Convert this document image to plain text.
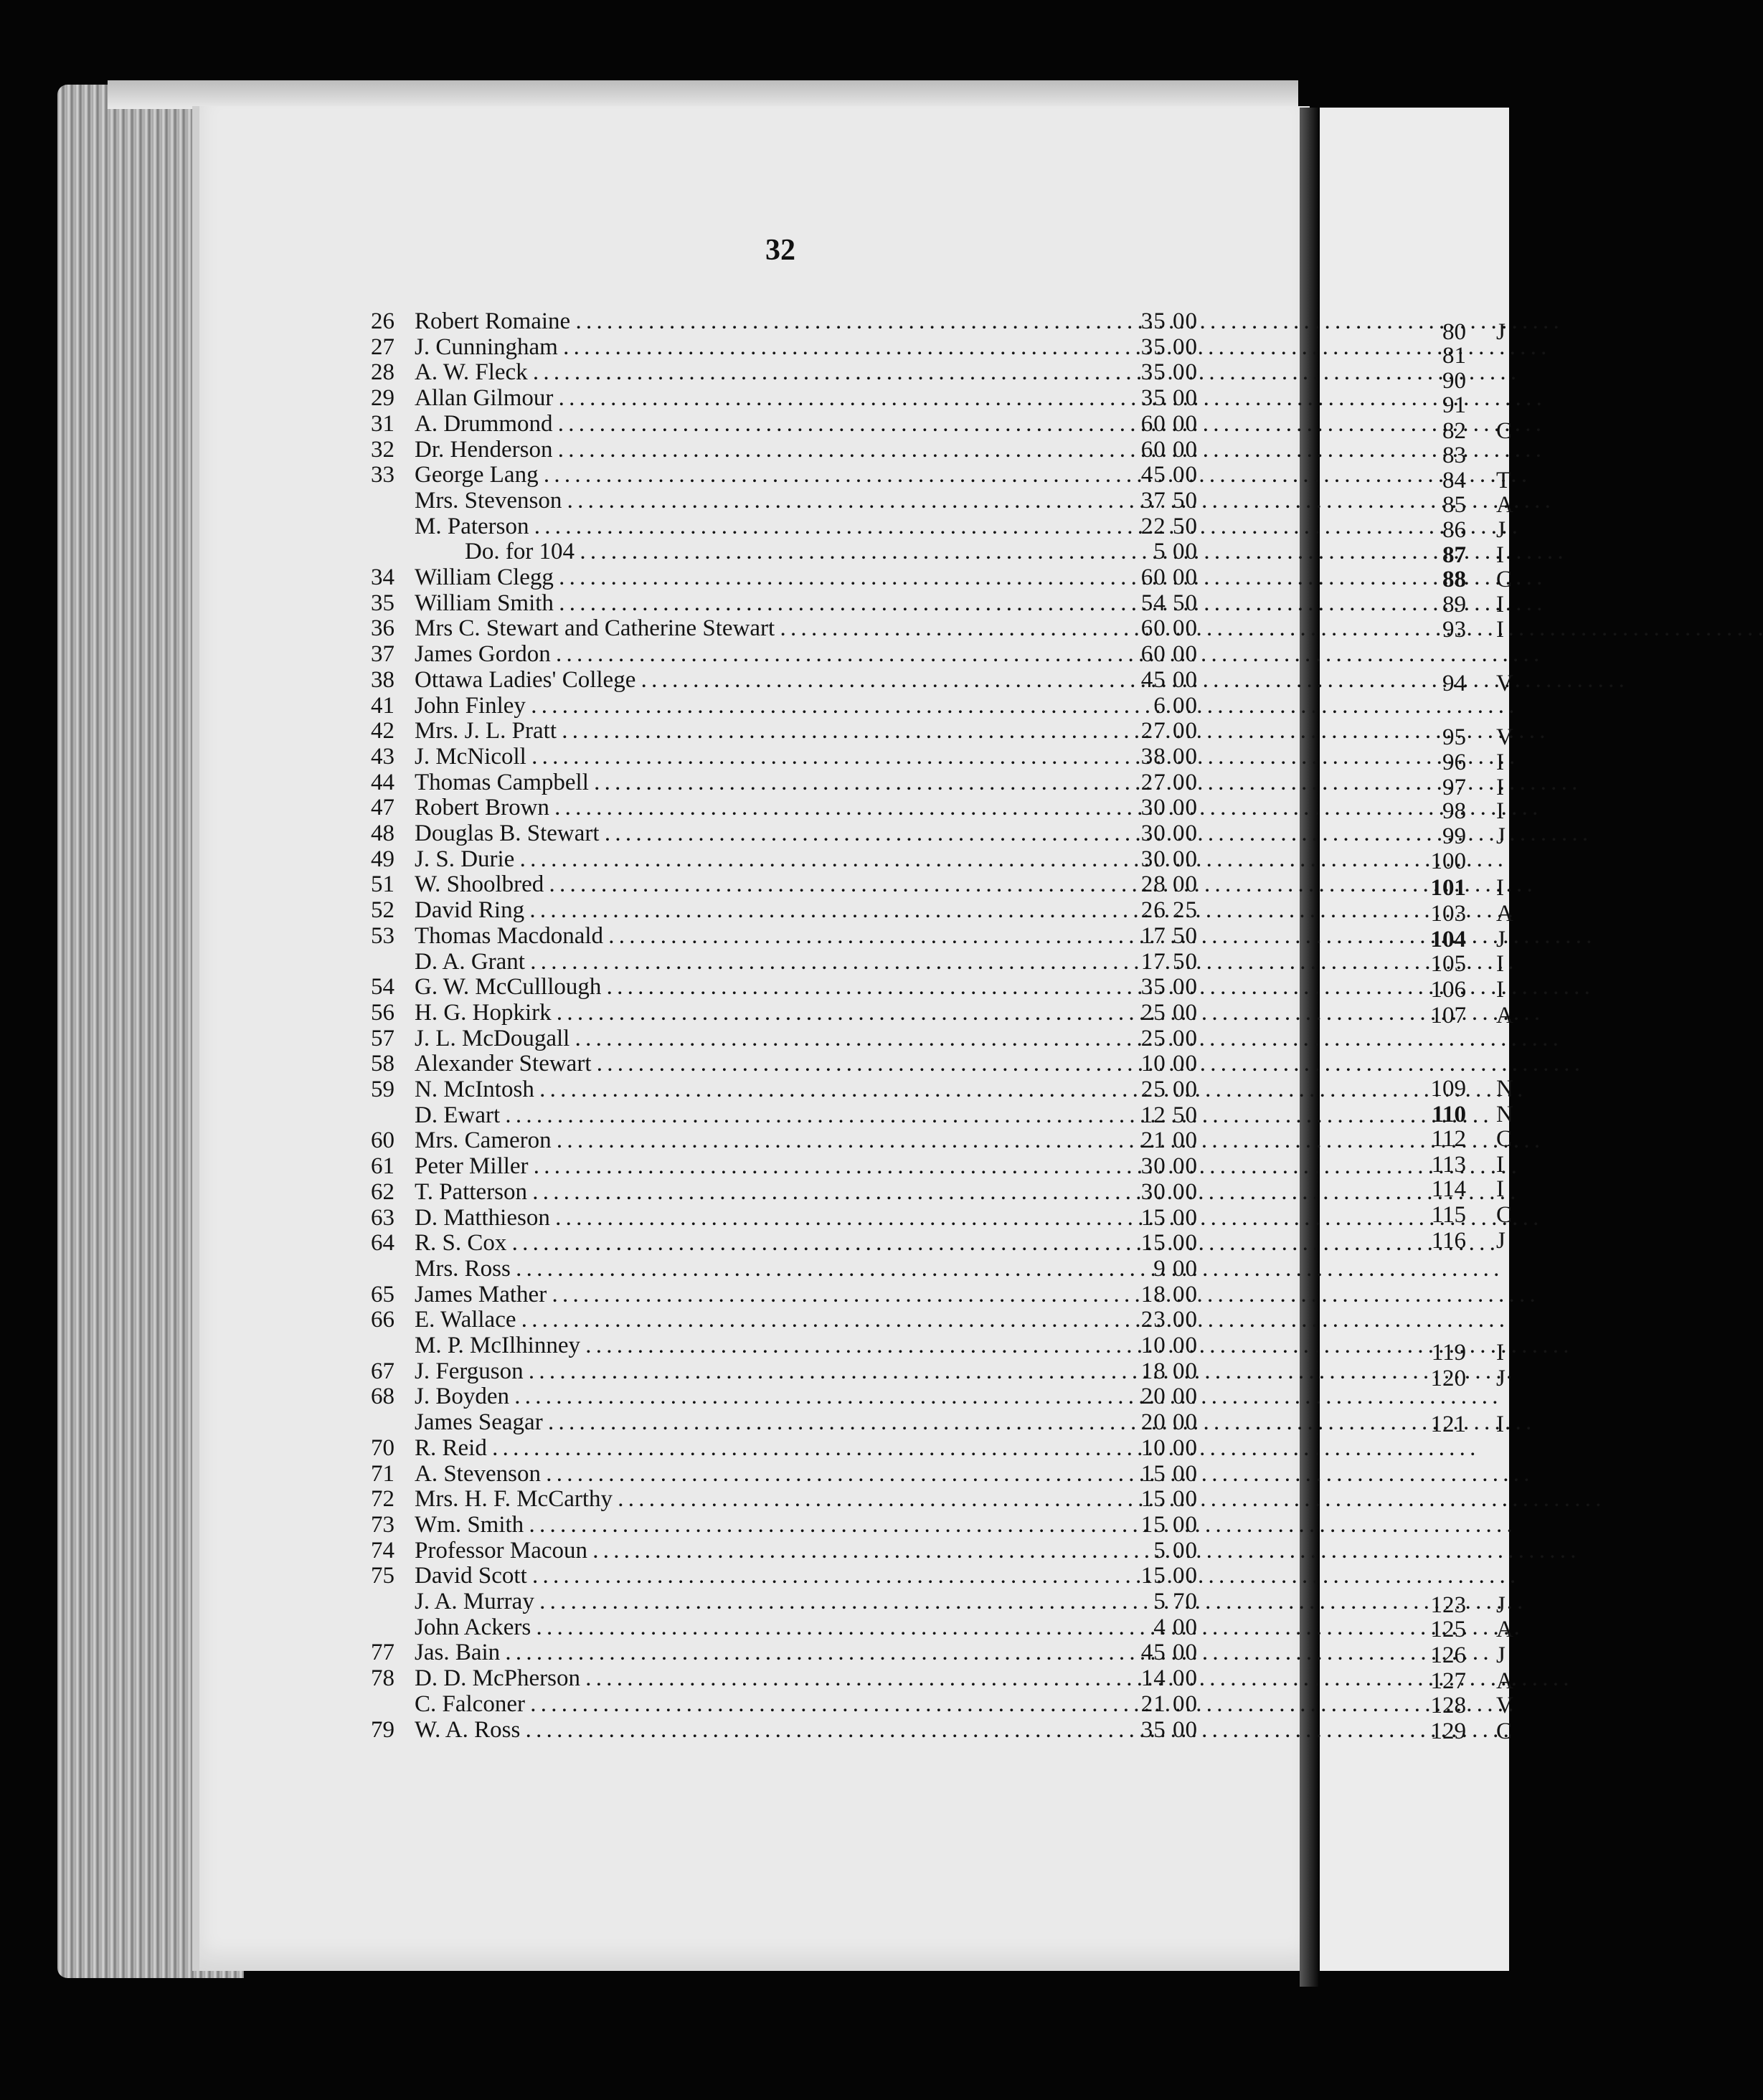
32
26 Robert Romaine . . .	35 00
27 J. Cunningham . . .	35 00
28 A. W. Fleck . . .	35 00
29 Allan Gilmour . . .	35 00
31 A. Drummond . . .	60 00
32 Dr. Henderson . . .	60 00
33 George Lang . . .	45 00
Mrs. Stevenson . . .	37 50
M. Paterson . . .	22 50
Do. for 104 . . .	5 00
34 William Clegg . . .	60 00
35 William Smith . . .	54 50
36 Mrs C. Stewart and Catherine Stewart . . .	60 00
37 James Gordon . . .	60 00
38 Ottawa Ladies' College . . .	45 00
41 John Finley . . .	6 00
42 Mrs. J. L. Pratt . . .	27 00
43 J. McNicoll . . .	38 00
44 Thomas Campbell . . .	27 00
47 Robert Brown . . .	30 00
48 Douglas B. Stewart . . .	30 00
49 J. S. Durie . . .	30 00
51 W. Shoolbred . . .	28 00
52 David Ring . . .	26 25
53 Thomas Macdonald . . .	17 50
D. A. Grant . . .	17 50
54 G. W. McCulllough . . .	35 00
56 H. G. Hopkirk . . .	25 00
57 J. L. McDougall . . .	25 00
58 Alexander Stewart . . .	10 00
59 N. McIntosh . . .	25 00
D. Ewart . . .	12 50
60 Mrs. Cameron . . .	21 00
61 Peter Miller . . .	30 00
62 T. Patterson . . .	30 00
63 D. Matthieson . . .	15 00
64 R. S. Cox . . .	15 00
Mrs. Ross . . .	9 00
65 James Mather . . .	18 00
66 E. Wallace . . .	23 00
M. P. McIlhinney . . .	10 00
67 J. Ferguson . . .	18 00
68 J. Boyden . . .	20 00
James Seagar . . .	20 00
70 R. Reid . . .	10 00
71 A. Stevenson . . .	15 00
72 Mrs. H. F. McCarthy . . .	15 00
73 Wm. Smith . . .	15 00
74 Professor Macoun . . .	5 00
75 David Scott . . .	15 00
J. A. Murray . . .	5 70
John Ackers . . .	4 00
77 Jas. Bain . . .	45 00
78 D. D. McPherson . . .	14 00
C. Falconer . . .	21 00
79 W. A. Ross . . .	35 00
80 J
81
90
91
82 C
83
84 T
85 A
86 J
87 I
88 C
89 I
93 I
94 V
95 V
96 I
97 I
98 I
99 J
100
101 I
103 A
104 J
105 I
106 I
107 A
109 N
110 N
112 C
113 I
114 I
115 C
116 J
119 I
120 J
121 I
123 J
125 A
126 J
127 A
128 V
129 C
